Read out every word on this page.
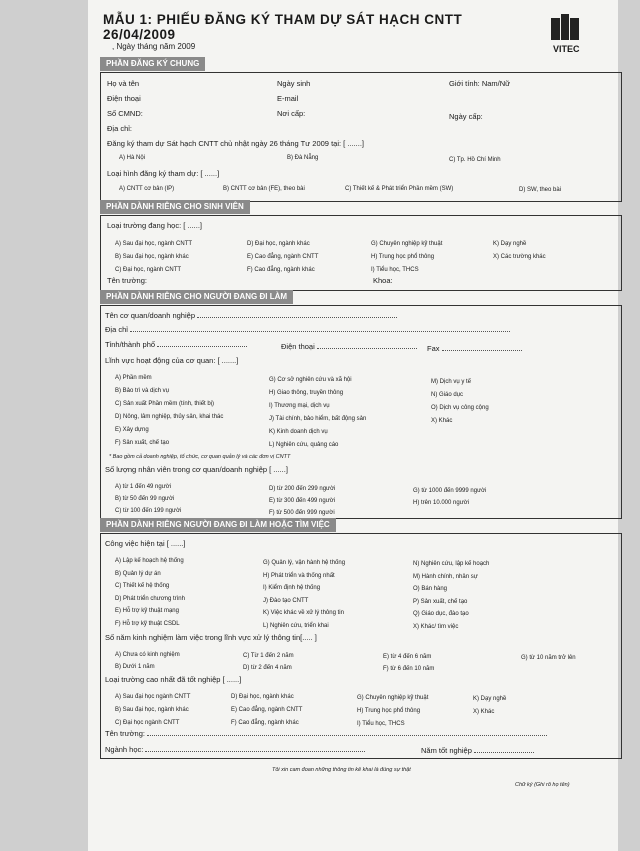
MẪU 1: PHIẾU ĐĂNG KÝ THAM DỰ SÁT HẠCH CNTT
26/04/2009
VITEC
, Ngày tháng năm 2009
PHẦN ĐĂNG KÝ CHUNG
Họ và tên	Ngày sinh	Giới tính: Nam/Nữ
Điện thoại	E-mail
Số CMND:	Nơi cấp:	Ngày cấp:
Địa chỉ:
Đăng ký tham dự Sát hạch CNTT chủ nhật ngày 26 tháng Tư 2009 tại: [ .......]
A) Hà Nội	B) Đà Nẵng	C) Tp. Hồ Chí Minh
Loại hình đăng ký tham dự: [ ......]
A) CNTT cơ bản (IP)	B) CNTT cơ bản (FE), theo bài	C) Thiết kế & Phát triển Phần mềm (SW)	D) SW, theo bài
PHẦN DÀNH RIÊNG CHO SINH VIÊN
Loại trường đang học: [ ......]
A) Sau đại học, ngành CNTT
B) Sau đại học, ngành khác
C) Đại học, ngành CNTT
D) Đại học, ngành khác
E) Cao đẳng, ngành CNTT
F) Cao đẳng, ngành khác
G) Chuyên nghiệp kỹ thuật
H) Trung học phổ thông
I) Tiểu học, THCS
K) Dạy nghề
X) Các trường khác
Tên trường:	Khoa:
PHẦN DÀNH RIÊNG CHO NGƯỜI ĐANG ĐI LÀM
Tên cơ quan/doanh nghiệp
Địa chỉ
Tỉnh/thành phố	Điện thoại	Fax
Lĩnh vực hoạt động của cơ quan: [ .......]
A) Phần mềm
B) Bảo trì và dịch vụ
C) Sản xuất Phần mềm (tính, thiết bị)
D) Nông, lâm nghiệp, thủy sản, khai thác
E) Xây dựng
F) Sản xuất, chế tạo
G) Cơ sở nghiên cứu và xã hội
H) Giao thông, truyền thông
I) Thương mại, dịch vụ
J) Tài chính, bảo hiểm, bất động sản
K) Kinh doanh dịch vụ
L) Nghiên cứu, quảng cáo
M) Dịch vụ y tế
N) Giáo dục
O) Dịch vụ công cộng
X) Khác
* Bao gồm cả doanh nghiệp, tổ chức, cơ quan quản lý và các đơn vị CNTT
Số lượng nhân viên trong cơ quan/doanh nghiệp [ ......]
A) từ 1 đến 49 người
B) từ 50 đến 99 người
C) từ 100 đến 199 người
D) từ 200 đến 299 người
E) từ 300 đến 499 người
F) từ 500 đến 999 người
G) từ 1000 đến 9999 người
H) trên 10.000 người
PHẦN DÀNH RIÊNG NGƯỜI ĐANG ĐI LÀM HOẶC TÌM VIỆC
Công việc hiện tại [ ......]
A) Lập kế hoạch hệ thống
B) Quản lý dự án
C) Thiết kế hệ thống
D) Phát triển chương trình
E) Hỗ trợ kỹ thuật mạng
F) Hỗ trợ kỹ thuật CSDL
G) Quản lý, vận hành hệ thống
H) Phát triển và thống nhất
I) Kiểm định hệ thống
J) Đào tạo CNTT
K) Việc khác về xử lý thông tin
L) Nghiên cứu, triển khai
N) Nghiên cứu, lập kế hoạch
M) Hành chính, nhân sự
O) Bán hàng
P) Sản xuất, chế tạo
Q) Giáo dục, đào tạo
X) Khác/ tìm việc
Số năm kinh nghiệm làm việc trong lĩnh vực xử lý thông tin[..... ]
A) Chưa có kinh nghiệm
B) Dưới 1 năm
C) Từ 1 đến 2 năm
D) từ 2 đến 4 năm
E) từ 4 đến 6 năm
F) từ 6 đến 10 năm
G) từ 10 năm trở lên
Loại trường cao nhất đã tốt nghiệp [ ......]
A) Sau đại học ngành CNTT
B) Sau đại học, ngành khác
C) Đại học ngành CNTT
D) Đại học, ngành khác
E) Cao đẳng, ngành CNTT
F) Cao đẳng, ngành khác
G) Chuyên nghiệp kỹ thuật
H) Trung học phổ thông
I) Tiểu học, THCS
K) Dạy nghề
X) Khác
Tên trường:
Ngành học:	Năm tốt nghiệp
Tôi xin cam đoan những thông tin kê khai là đúng sự thật
Chữ ký (Ghi rõ họ tên)
